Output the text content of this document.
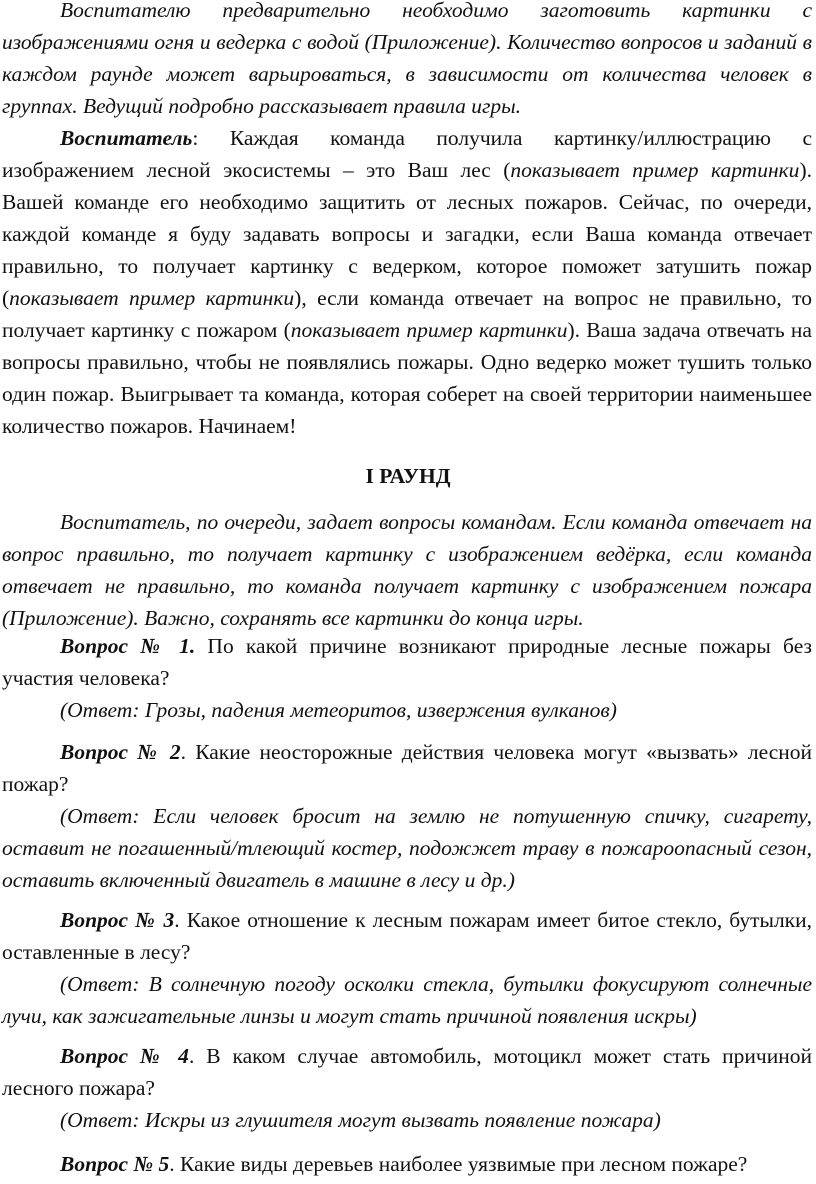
Воспитателю предварительно необходимо заготовить картинки с изображениями огня и ведерка с водой (Приложение). Количество вопросов и заданий в каждом раунде может варьироваться, в зависимости от количества человек в группах. Ведущий подробно рассказывает правила игры.

Воспитатель: Каждая команда получила картинку/иллюстрацию с изображением лесной экосистемы – это Ваш лес (показывает пример картинки). Вашей команде его необходимо защитить от лесных пожаров. Сейчас, по очереди, каждой команде я буду задавать вопросы и загадки, если Ваша команда отвечает правильно, то получает картинку с ведерком, которое поможет затушить пожар (показывает пример картинки), если команда отвечает на вопрос не правильно, то получает картинку с пожаром (показывает пример картинки). Ваша задача отвечать на вопросы правильно, чтобы не появлялись пожары. Одно ведерко может тушить только один пожар. Выигрывает та команда, которая соберет на своей территории наименьшее количество пожаров. Начинаем!

I РАУНД

Воспитатель, по очереди, задает вопросы командам. Если команда отвечает на вопрос правильно, то получает картинку с изображением ведёрка, если команда отвечает не правильно, то команда получает картинку с изображением пожара (Приложение). Важно, сохранять все картинки до конца игры.

Вопрос № 1. По какой причине возникают природные лесные пожары без участия человека?

(Ответ: Грозы, падения метеоритов, извержения вулканов)

Вопрос № 2. Какие неосторожные действия человека могут «вызвать» лесной пожар?

(Ответ: Если человек бросит на землю не потушенную спичку, сигарету, оставит не погашенный/тлеющий костер, подожжет траву в пожароопасный сезон, оставить включенный двигатель в машине в лесу и др.)

Вопрос № 3. Какое отношение к лесным пожарам имеет битое стекло, бутылки, оставленные в лесу?

(Ответ: В солнечную погоду осколки стекла, бутылки фокусируют солнечные лучи, как зажигательные линзы и могут стать причиной появления искры)

Вопрос № 4. В каком случае автомобиль, мотоцикл может стать причиной лесного пожара?

(Ответ: Искры из глушителя могут вызвать появление пожара)

Вопрос № 5. Какие виды деревьев наиболее уязвимые при лесном пожаре?
